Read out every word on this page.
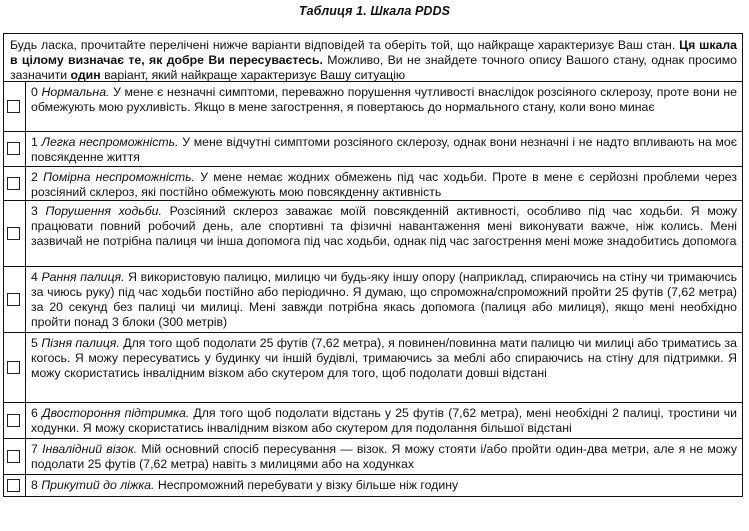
Таблиця 1. Шкала PDDS
Будь ласка, прочитайте перелічені нижче варіанти відповідей та оберіть той, що найкраще характеризує Ваш стан. Ця шкала в цілому визначає те, як добре Ви пересуваєтесь. Можливо, Ви не знайдете точного опису Вашого стану, однак просимо зазначити один варіант, який найкраще характеризує Вашу ситуацію
0 Нормальна. У мене є незначні симптоми, переважно порушення чутливості внаслідок розсіяного склерозу, проте вони не обмежують мою рухливість. Якщо в мене загострення, я повертаюсь до нормального стану, коли воно минає
1 Легка неспроможність. У мене відчутні симптоми розсіяного склерозу, однак вони незначні і не надто впливають на моє повсякденне життя
2 Помірна неспроможність. У мене немає жодних обмежень під час ходьби. Проте в мене є серйозні проблеми через розсіяний склероз, які постійно обмежують мою повсякденну активність
3 Порушення ходьби. Розсіяний склероз заважає моїй повсякденній активності, особливо під час ходьби. Я можу працювати повний робочий день, але спортивні та фізичні навантаження мені виконувати важче, ніж колись. Мені зазвичай не потрібна палиця чи інша допомога під час ходьби, однак під час загострення мені може знадобитись допомога
4 Рання палиця. Я використовую палицю, милицю чи будь-яку іншу опору (наприклад, спираючись на стіну чи тримаючись за чиюсь руку) під час ходьби постійно або періодично. Я думаю, що спроможна/спроможний пройти 25 футів (7,62 метра) за 20 секунд без палиці чи милиці. Мені завжди потрібна якась допомога (палиця або милиця), якщо мені необхідно пройти понад 3 блоки (300 метрів)
5 Пізня палиця. Для того щоб подолати 25 футів (7,62 метра), я повинен/повинна мати палицю чи милиці або триматись за когось. Я можу пересуватись у будинку чи іншій будівлі, тримаючись за меблі або спираючись на стіну для підтримки. Я можу скористатись інвалідним візком або скутером для того, щоб подолати довші відстані
6 Двостороння підтримка. Для того щоб подолати відстань у 25 футів (7,62 метра), мені необхідні 2 палиці, тростини чи ходунки. Я можу скористатись інвалідним візком або скутером для подолання більшої відстані
7 Інвалідний візок. Мій основний спосіб пересування — візок. Я можу стояти і/або пройти один-два метри, але я не можу подолати 25 футів (7,62 метра) навіть з милицями або на ходунках
8 Прикутий до ліжка. Неспроможний перебувати у візку більше ніж годину
